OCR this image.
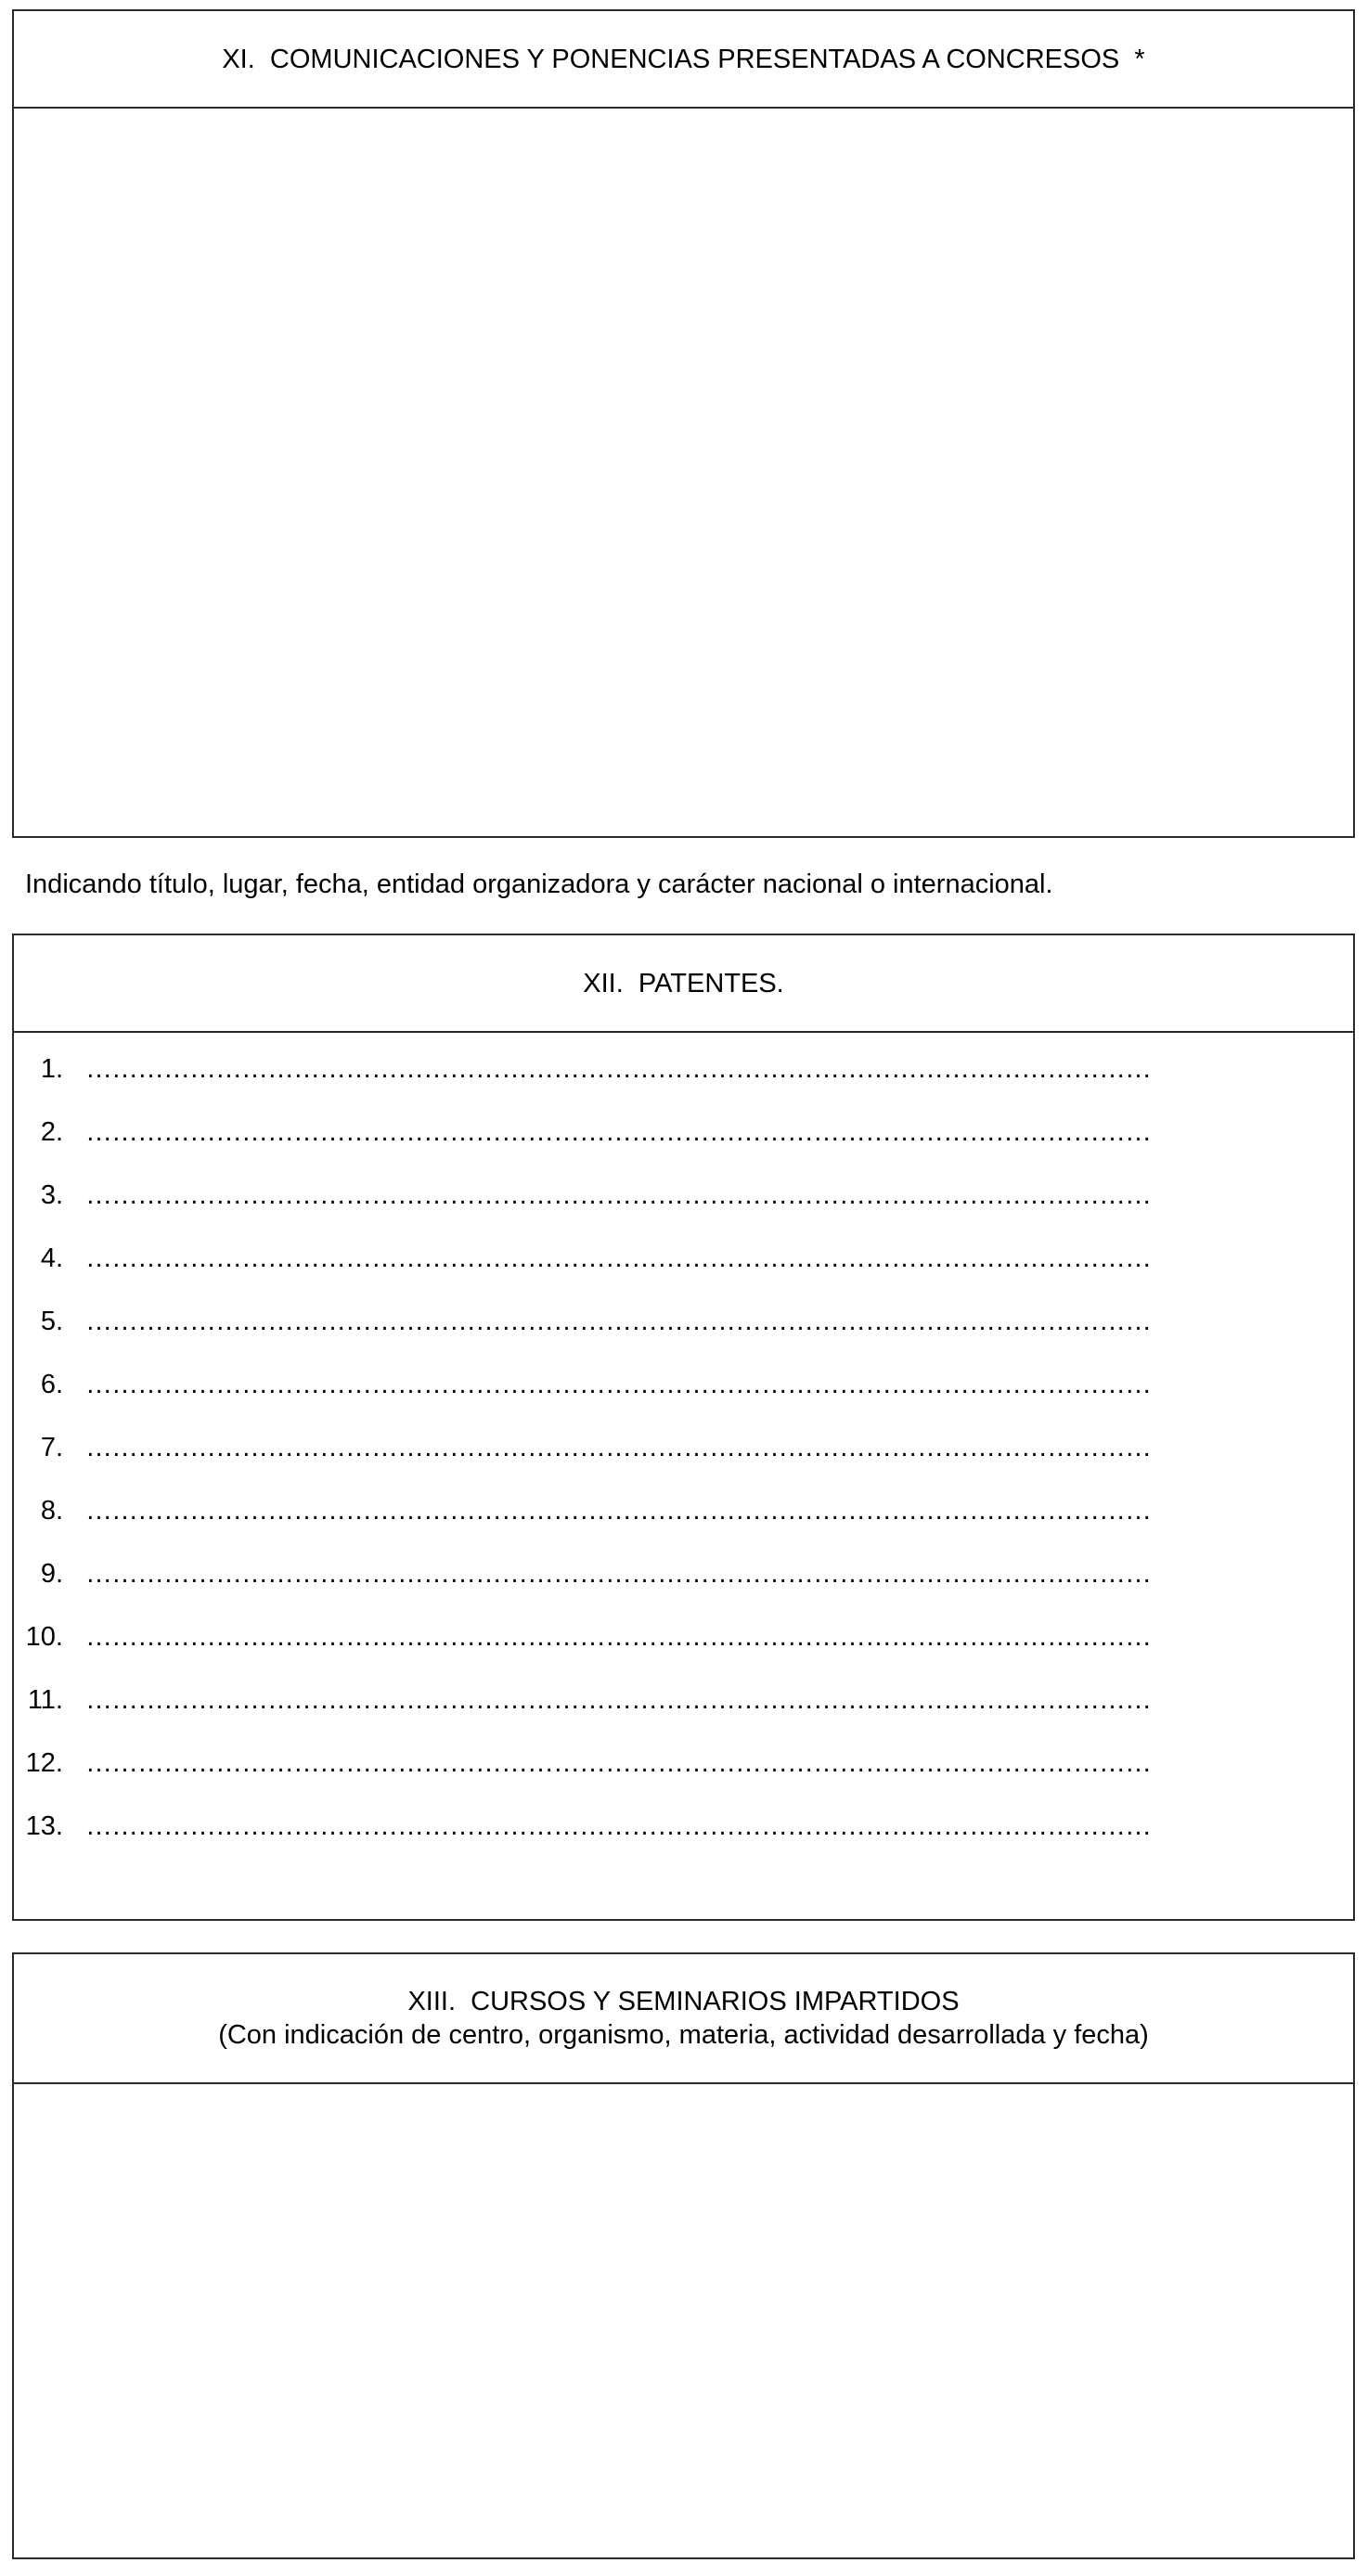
XI.  COMUNICACIONES Y PONENCIAS PRESENTADAS A CONCRESOS  *
Indicando título, lugar, fecha, entidad organizadora y carácter nacional o internacional.
XII.  PATENTES.
1. ……………………………………………………………………………………………………………
2. ……………………………………………………………………………………………………………
3. ……………………………………………………………………………………………………………
4. ……………………………………………………………………………………………………………
5. ……………………………………………………………………………………………………………
6. ……………………………………………………………………………………………………………
7. ……………………………………………………………………………………………………………
8. ……………………………………………………………………………………………………………
9. ……………………………………………………………………………………………………………
10. ……………………………………………………………………………………………………………
11. ……………………………………………………………………………………………………………
12. ……………………………………………………………………………………………………………
13. ……………………………………………………………………………………………………………
XIII.  CURSOS Y SEMINARIOS IMPARTIDOS
(Con indicación de centro, organismo, materia, actividad desarrollada y fecha)
